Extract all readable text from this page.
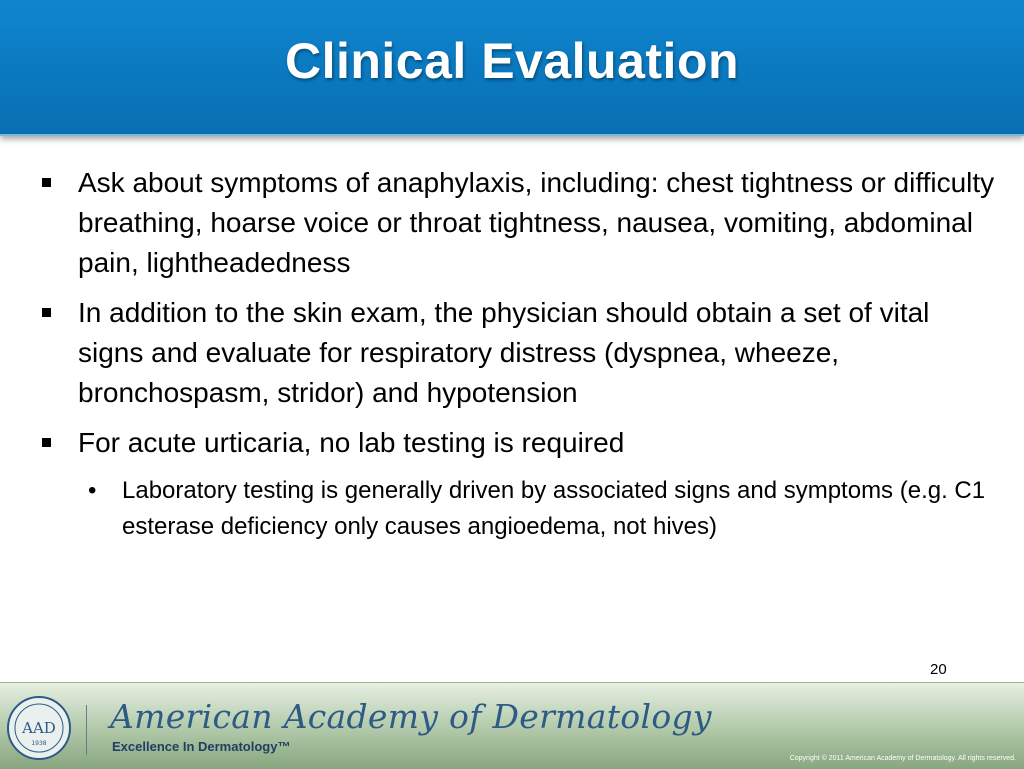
Clinical Evaluation
Ask about symptoms of anaphylaxis, including: chest tightness or difficulty breathing, hoarse voice or throat tightness, nausea, vomiting, abdominal pain, lightheadedness
In addition to the skin exam, the physician should obtain a set of vital signs and evaluate for respiratory distress (dyspnea, wheeze, bronchospasm, stridor) and hypotension
For acute urticaria, no lab testing is required
• Laboratory testing is generally driven by associated signs and symptoms (e.g. C1 esterase deficiency only causes angioedema, not hives)
20
AAD
1938
American Academy of Dermatology
Excellence In Dermatology™
Copyright © 2011 American Academy of Dermatology. All rights reserved.
